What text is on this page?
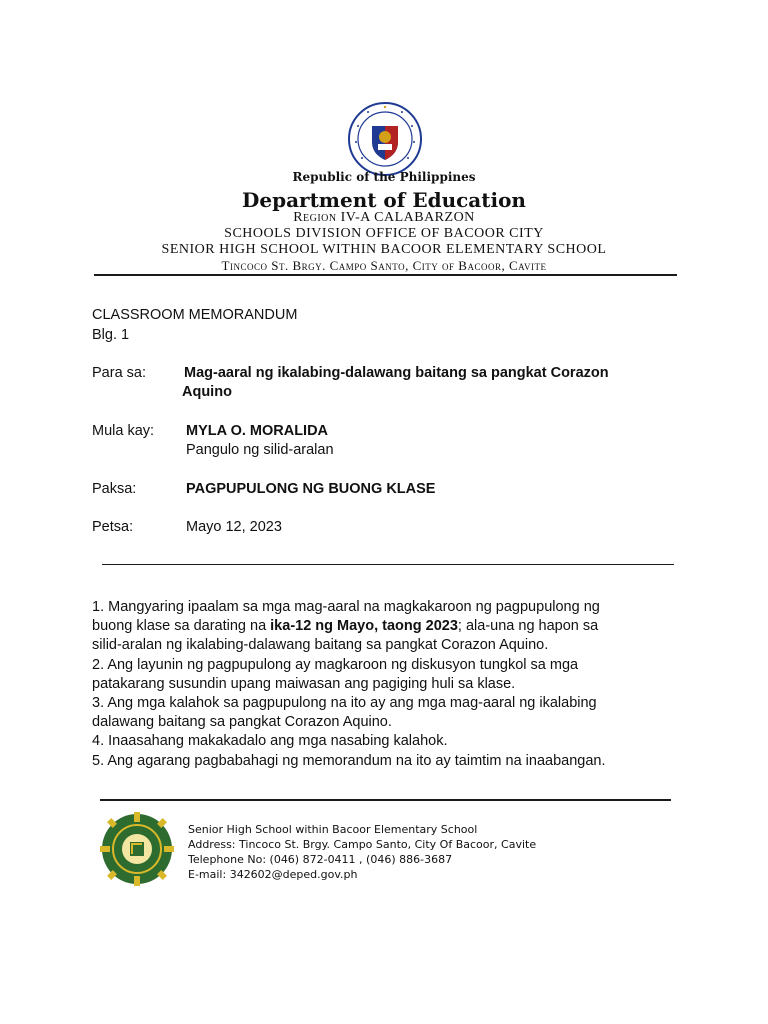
Republic of the Philippines
Department of Education
Region IV-A CALABARZON
SCHOOLS DIVISION OFFICE OF BACOOR CITY
SENIOR HIGH SCHOOL WITHIN BACOOR ELEMENTARY SCHOOL
Tincoco St. Brgy. Campo Santo, City of Bacoor, Cavite
CLASSROOM MEMORANDUM
Blg. 1
Para sa:	Mag-aaral ng ikalabing-dalawang baitang sa pangkat Corazon
Aquino
Mula kay: MYLA O. MORALIDA
Pangulo ng silid-aralan
Paksa:	PAGPUPULONG NG BUONG KLASE
Petsa:	Mayo 12, 2023
1. Mangyaring ipaalam sa mga mag-aaral na magkakaroon ng pagpupulong ng
buong klase sa darating na ika-12 ng Mayo, taong 2023; ala-una ng hapon sa
silid-aralan ng ikalabing-dalawang baitang sa pangkat Corazon Aquino.
2. Ang layunin ng pagpupulong ay magkaroon ng diskusyon tungkol sa mga
patakarang susundin upang maiwasan ang pagiging huli sa klase.
3. Ang mga kalahok sa pagpupulong na ito ay ang mga mag-aaral ng ikalabing
dalawang baitang sa pangkat Corazon Aquino.
4. Inaasahang makakadalo ang mga nasabing kalahok.
5. Ang agarang pagbabahagi ng memorandum na ito ay taimtim na inaabangan.
Senior High School within Bacoor Elementary School
Address: Tincoco St. Brgy. Campo Santo, City Of Bacoor, Cavite
Telephone No: (046) 872-0411 , (046) 886-3687
E-mail: 342602@deped.gov.ph
